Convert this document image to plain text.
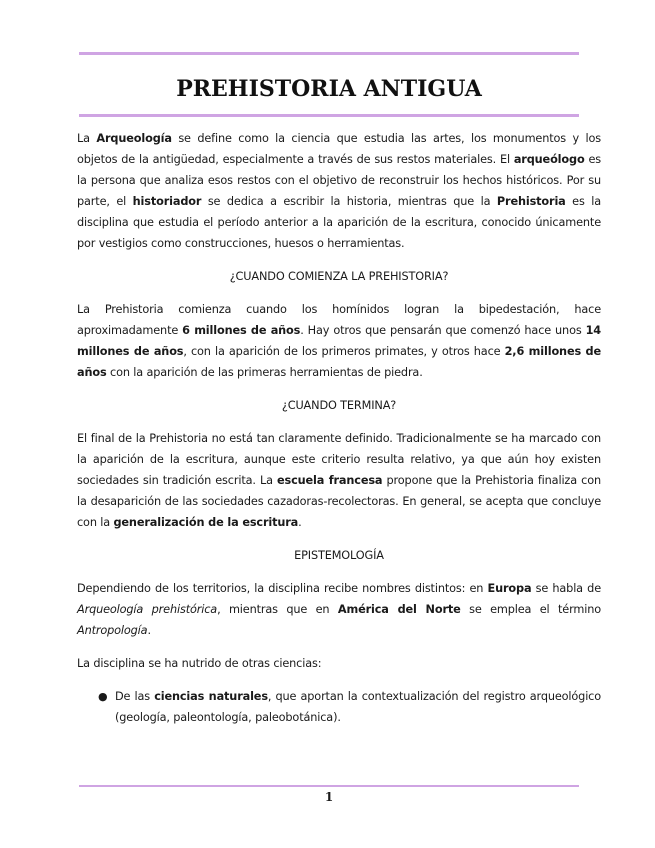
PREHISTORIA ANTIGUA

La Arqueología se define como la ciencia que estudia las artes, los monumentos y los objetos de la antigüedad, especialmente a través de sus restos materiales. El arqueólogo es la persona que analiza esos restos con el objetivo de reconstruir los hechos históricos. Por su parte, el historiador se dedica a escribir la historia, mientras que la Prehistoria es la disciplina que estudia el período anterior a la aparición de la escritura, conocido únicamente por vestigios como construcciones, huesos o herramientas.

¿CUANDO COMIENZA LA PREHISTORIA?

La Prehistoria comienza cuando los homínidos logran la bipedestación, hace aproximadamente 6 millones de años. Hay otros que pensarán que comenzó hace unos 14 millones de años, con la aparición de los primeros primates, y otros hace 2,6 millones de años con la aparición de las primeras herramientas de piedra.

¿CUANDO TERMINA?

El final de la Prehistoria no está tan claramente definido. Tradicionalmente se ha marcado con la aparición de la escritura, aunque este criterio resulta relativo, ya que aún hoy existen sociedades sin tradición escrita. La escuela francesa propone que la Prehistoria finaliza con la desaparición de las sociedades cazadoras-recolectoras. En general, se acepta que concluye con la generalización de la escritura.

EPISTEMOLOGÍA

Dependiendo de los territorios, la disciplina recibe nombres distintos: en Europa se habla de Arqueología prehistórica, mientras que en América del Norte se emplea el término Antropología.

La disciplina se ha nutrido de otras ciencias:

● De las ciencias naturales, que aportan la contextualización del registro arqueológico (geología, paleontología, paleobotánica).

1
